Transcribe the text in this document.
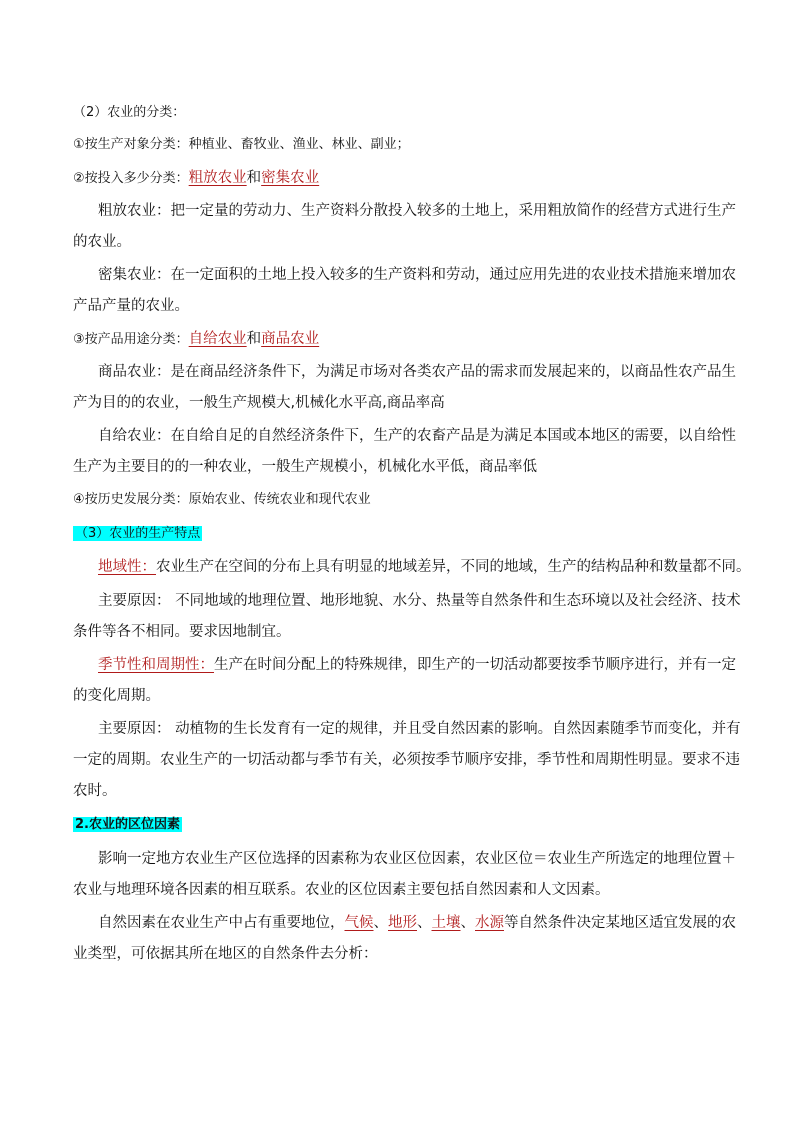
（2）农业的分类：
①按生产对象分类：种植业、畜牧业、渔业、林业、副业；
②按投入多少分类：粗放农业和密集农业
粗放农业：把一定量的劳动力、生产资料分散投入较多的土地上，采用粗放简作的经营方式进行生产
的农业。
密集农业：在一定面积的土地上投入较多的生产资料和劳动，通过应用先进的农业技术措施来增加农
产品产量的农业。
③按产品用途分类：自给农业和商品农业
商品农业：是在商品经济条件下，为满足市场对各类农产品的需求而发展起来的，以商品性农产品生
产为目的的农业，一般生产规模大,机械化水平高,商品率高
自给农业：在自给自足的自然经济条件下，生产的农畜产品是为满足本国或本地区的需要，以自给性
生产为主要目的的一种农业，一般生产规模小，机械化水平低，商品率低
④按历史发展分类：原始农业、传统农业和现代农业
（3）农业的生产特点
地域性：农业生产在空间的分布上具有明显的地域差异，不同的地域，生产的结构品种和数量都不同。
主要原因： 不同地域的地理位置、地形地貌、水分、热量等自然条件和生态环境以及社会经济、技术
条件等各不相同。要求因地制宜。
季节性和周期性：生产在时间分配上的特殊规律，即生产的一切活动都要按季节顺序进行，并有一定
的变化周期。
主要原因： 动植物的生长发育有一定的规律，并且受自然因素的影响。自然因素随季节而变化，并有
一定的周期。农业生产的一切活动都与季节有关，必须按季节顺序安排，季节性和周期性明显。要求不违
农时。
2.农业的区位因素
影响一定地方农业生产区位选择的因素称为农业区位因素，农业区位＝农业生产所选定的地理位置＋
农业与地理环境各因素的相互联系。农业的区位因素主要包括自然因素和人文因素。
自然因素在农业生产中占有重要地位，气候、地形、土壤、水源等自然条件决定某地区适宜发展的农
业类型，可依据其所在地区的自然条件去分析：
